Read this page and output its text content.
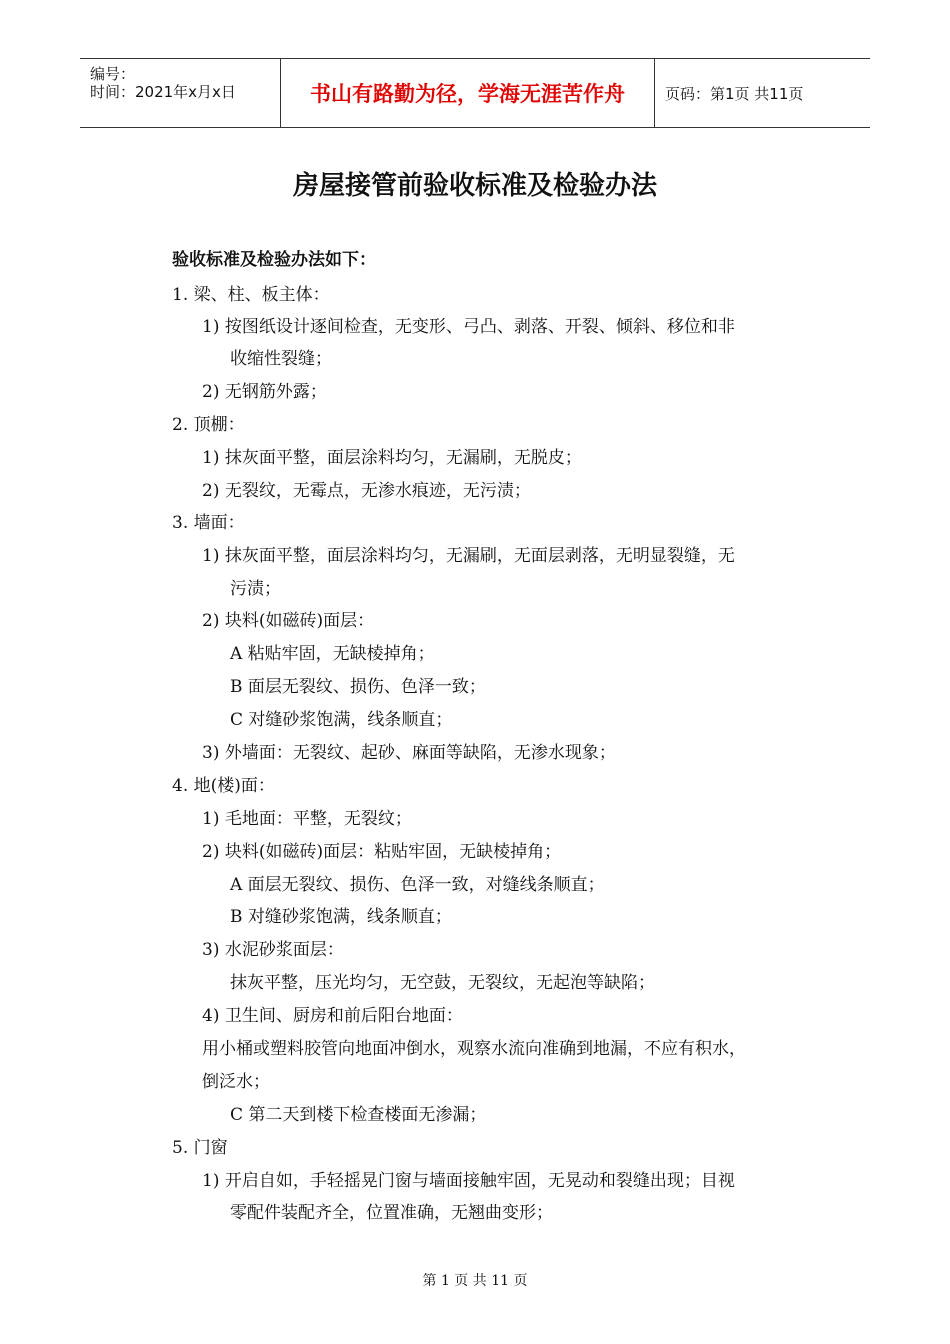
编号：
时间：2021年x月x日	书山有路勤为径，学海无涯苦作舟	页码：第1页 共11页
房屋接管前验收标准及检验办法
验收标准及检验办法如下：
1. 梁、柱、板主体：
1) 按图纸设计逐间检查，无变形、弓凸、剥落、开裂、倾斜、移位和非
收缩性裂缝；
2) 无钢筋外露；
2. 顶棚：
1) 抹灰面平整，面层涂料均匀，无漏刷，无脱皮；
2) 无裂纹，无霉点，无渗水痕迹，无污渍；
3. 墙面：
1) 抹灰面平整，面层涂料均匀，无漏刷，无面层剥落，无明显裂缝，无
污渍；
2) 块料(如磁砖)面层：
A 粘贴牢固，无缺棱掉角；
B 面层无裂纹、损伤、色泽一致；
C 对缝砂浆饱满，线条顺直；
3) 外墙面：无裂纹、起砂、麻面等缺陷，无渗水现象；
4. 地(楼)面：
1) 毛地面：平整，无裂纹；
2) 块料(如磁砖)面层：粘贴牢固，无缺棱掉角；
A 面层无裂纹、损伤、色泽一致，对缝线条顺直；
B 对缝砂浆饱满，线条顺直；
3) 水泥砂浆面层：
抹灰平整，压光均匀，无空鼓，无裂纹，无起泡等缺陷；
4) 卫生间、厨房和前后阳台地面：
用小桶或塑料胶管向地面冲倒水，观察水流向准确到地漏，不应有积水，
倒泛水；
C 第二天到楼下检查楼面无渗漏；
5. 门窗
1) 开启自如，手轻摇晃门窗与墙面接触牢固，无晃动和裂缝出现；目视
零配件装配齐全，位置准确，无翘曲变形；
第 1 页 共 11 页
